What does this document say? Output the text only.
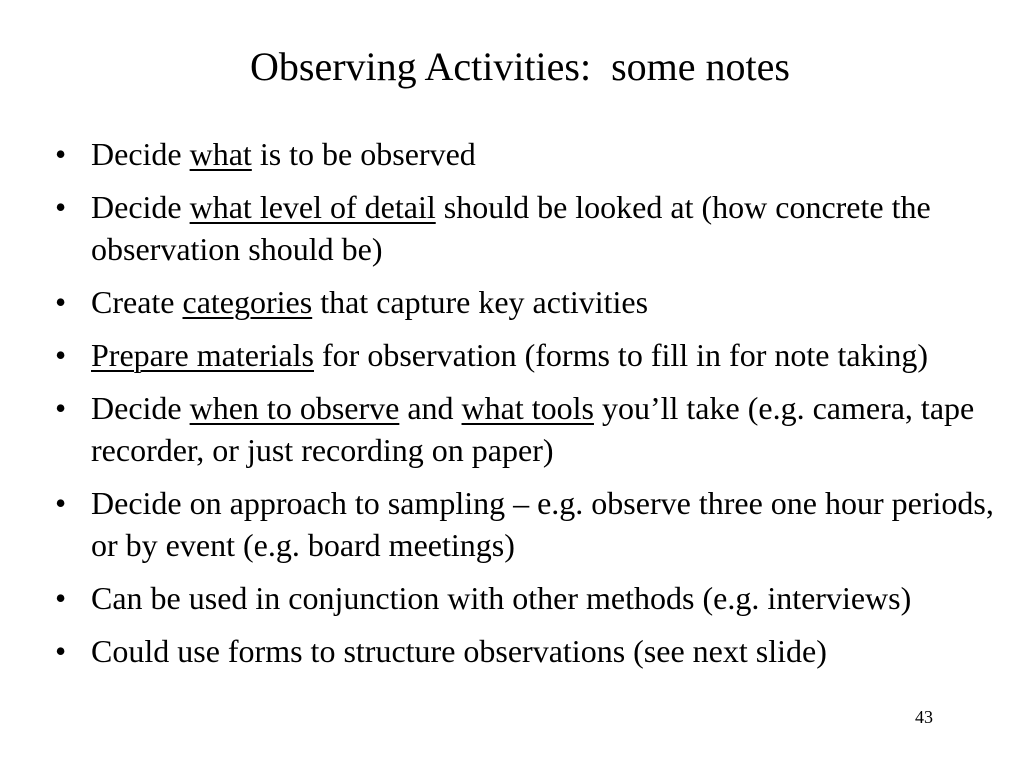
Observing Activities:  some notes
• Decide what is to be observed
• Decide what level of detail should be looked at (how concrete the observation should be)
• Create categories that capture key activities
• Prepare materials for observation (forms to fill in for note taking)
• Decide when to observe and what tools you’ll take (e.g. camera, tape recorder, or just recording on paper)
• Decide on approach to sampling – e.g. observe three one hour periods, or by event (e.g. board meetings)
• Can be used in conjunction with other methods (e.g. interviews)
• Could use forms to structure observations (see next slide)
43
